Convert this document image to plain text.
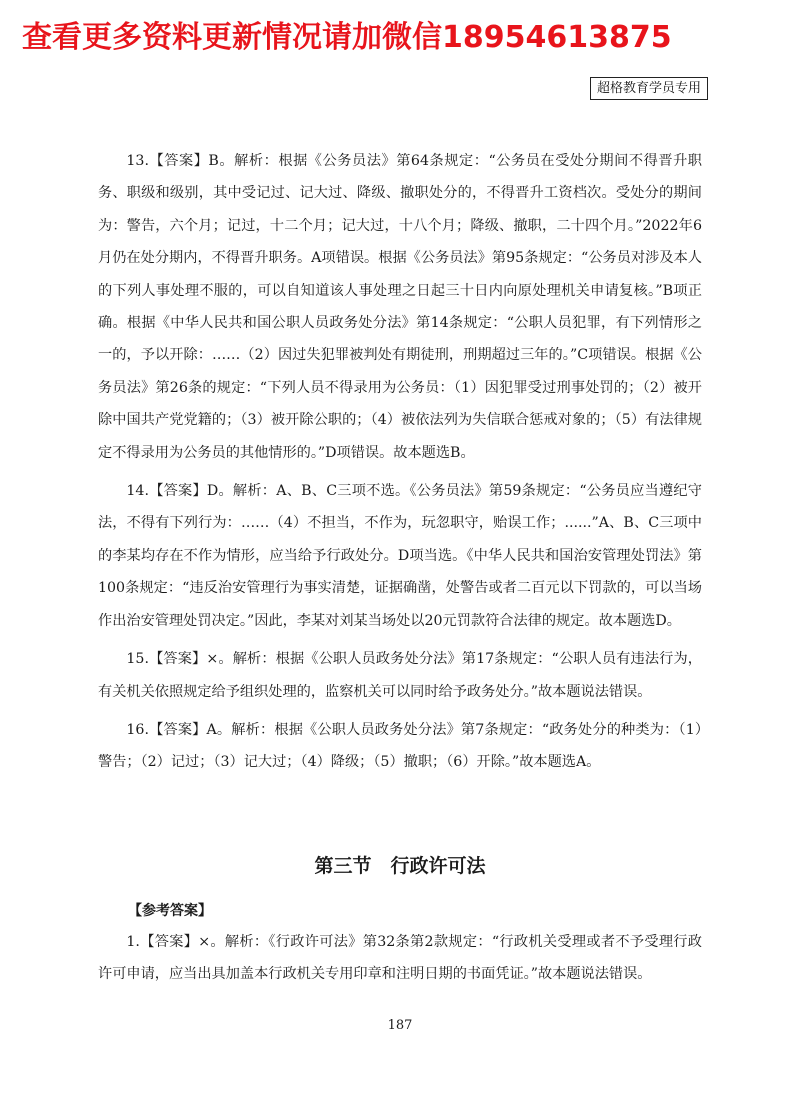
查看更多资料更新情况请加微信18954613875
超格教育学员专用

13.【答案】B。解析：根据《公务员法》第64条规定：“公务员在受处分期间不得晋升职务、职级和级别，其中受记过、记大过、降级、撤职处分的，不得晋升工资档次。受处分的期间为：警告，六个月；记过，十二个月；记大过，十八个月；降级、撤职，二十四个月。”2022年6月仍在处分期内，不得晋升职务。A项错误。根据《公务员法》第95条规定：“公务员对涉及本人的下列人事处理不服的，可以自知道该人事处理之日起三十日内向原处理机关申请复核。”B项正确。根据《中华人民共和国公职人员政务处分法》第14条规定：“公职人员犯罪，有下列情形之一的，予以开除：……（2）因过失犯罪被判处有期徒刑，刑期超过三年的。”C项错误。根据《公务员法》第26条的规定：“下列人员不得录用为公务员：（1）因犯罪受过刑事处罚的；（2）被开除中国共产党党籍的；（3）被开除公职的；（4）被依法列为失信联合惩戒对象的；（5）有法律规定不得录用为公务员的其他情形的。”D项错误。故本题选B。

14.【答案】D。解析：A、B、C三项不选。《公务员法》第59条规定：“公务员应当遵纪守法，不得有下列行为：……（4）不担当，不作为，玩忽职守，贻误工作；......”A、B、C三项中的李某均存在不作为情形，应当给予行政处分。D项当选。《中华人民共和国治安管理处罚法》第100条规定：“违反治安管理行为事实清楚，证据确凿，处警告或者二百元以下罚款的，可以当场作出治安管理处罚决定。”因此，李某对刘某当场处以20元罚款符合法律的规定。故本题选D。

15.【答案】×。解析：根据《公职人员政务处分法》第17条规定：“公职人员有违法行为，有关机关依照规定给予组织处理的，监察机关可以同时给予政务处分。”故本题说法错误。

16.【答案】A。解析：根据《公职人员政务处分法》第7条规定：“政务处分的种类为：（1）警告；（2）记过；（3）记大过；（4）降级；（5）撤职；（6）开除。”故本题选A。

第三节　行政许可法
【参考答案】

1.【答案】×。解析：《行政许可法》第32条第2款规定：“行政机关受理或者不予受理行政许可申请，应当出具加盖本行政机关专用印章和注明日期的书面凭证。”故本题说法错误。

187
